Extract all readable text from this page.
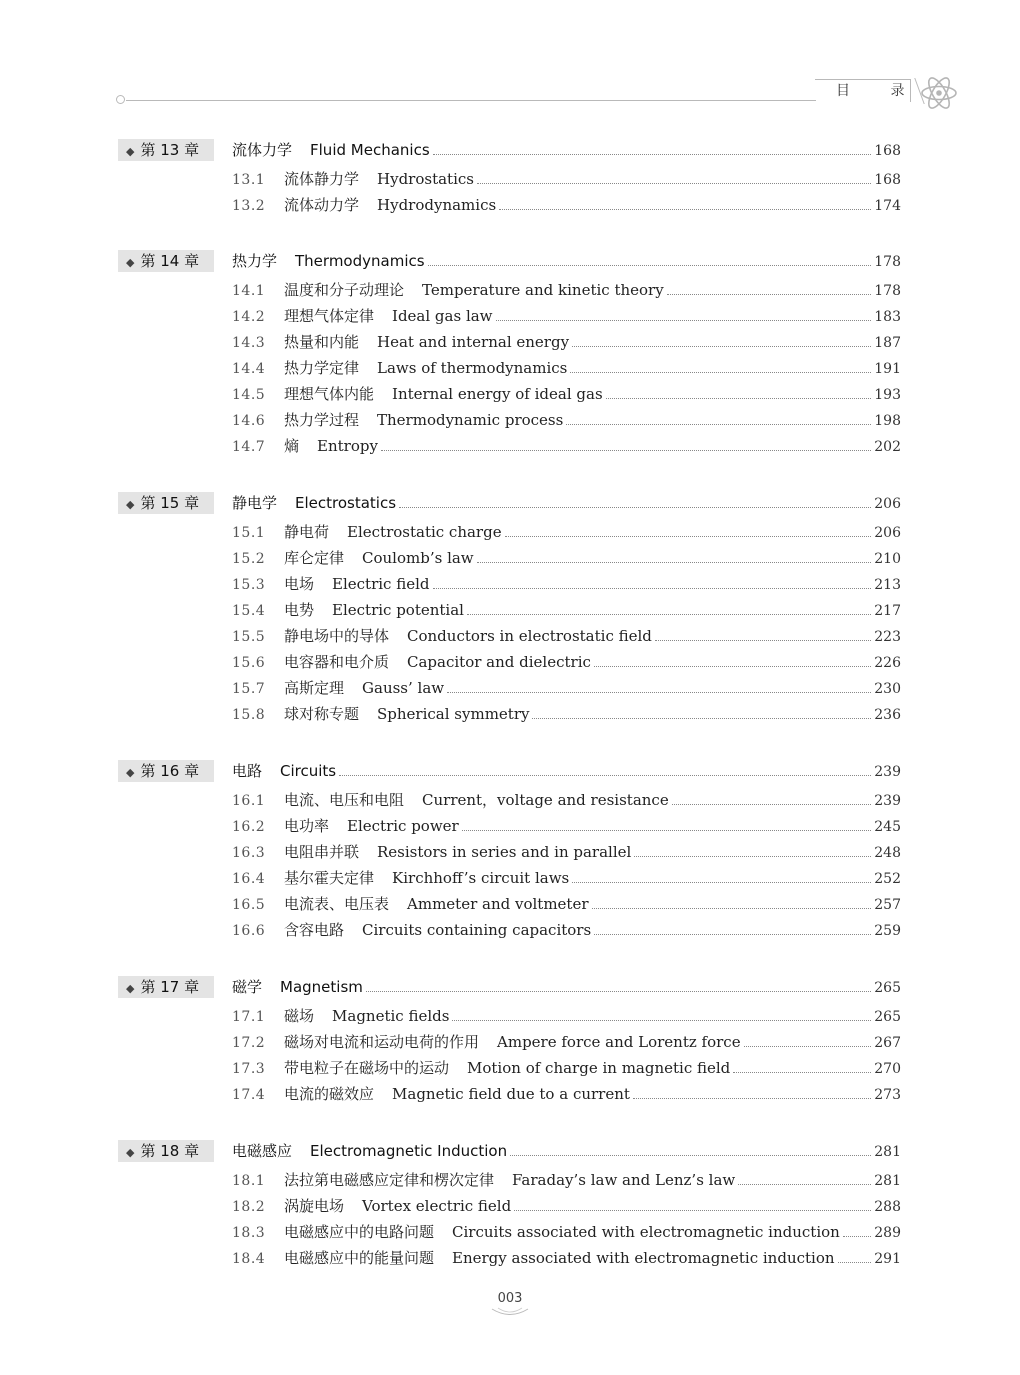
目 录
◆ 第 13 章	流体力学 Fluid Mechanics	168
13.1	流体静力学 Hydrostatics	168
13.2	流体动力学 Hydrodynamics	174
◆ 第 14 章	热力学 Thermodynamics	178
14.1	温度和分子动理论 Temperature and kinetic theory	178
14.2	理想气体定律 Ideal gas law	183
14.3	热量和内能 Heat and internal energy	187
14.4	热力学定律 Laws of thermodynamics	191
14.5	理想气体内能 Internal energy of ideal gas	193
14.6	热力学过程 Thermodynamic process	198
14.7	熵 Entropy	202
◆ 第 15 章	静电学 Electrostatics	206
15.1	静电荷 Electrostatic charge	206
15.2	库仑定律 Coulomb’s law	210
15.3	电场 Electric field	213
15.4	电势 Electric potential	217
15.5	静电场中的导体 Conductors in electrostatic field	223
15.6	电容器和电介质 Capacitor and dielectric	226
15.7	高斯定理 Gauss’ law	230
15.8	球对称专题 Spherical symmetry	236
◆ 第 16 章	电路 Circuits	239
16.1	电流、电压和电阻 Current，voltage and resistance	239
16.2	电功率 Electric power	245
16.3	电阻串并联 Resistors in series and in parallel	248
16.4	基尔霍夫定律 Kirchhoff’s circuit laws	252
16.5	电流表、电压表 Ammeter and voltmeter	257
16.6	含容电路 Circuits containing capacitors	259
◆ 第 17 章	磁学 Magnetism	265
17.1	磁场 Magnetic fields	265
17.2	磁场对电流和运动电荷的作用 Ampere force and Lorentz force	267
17.3	带电粒子在磁场中的运动 Motion of charge in magnetic field	270
17.4	电流的磁效应 Magnetic field due to a current	273
◆ 第 18 章	电磁感应 Electromagnetic Induction	281
18.1	法拉第电磁感应定律和楞次定律 Faraday’s law and Lenz’s law	281
18.2	涡旋电场 Vortex electric field	288
18.3	电磁感应中的电路问题 Circuits associated with electromagnetic induction 289
18.4	电磁感应中的能量问题 Energy associated with electromagnetic induction	291
003
